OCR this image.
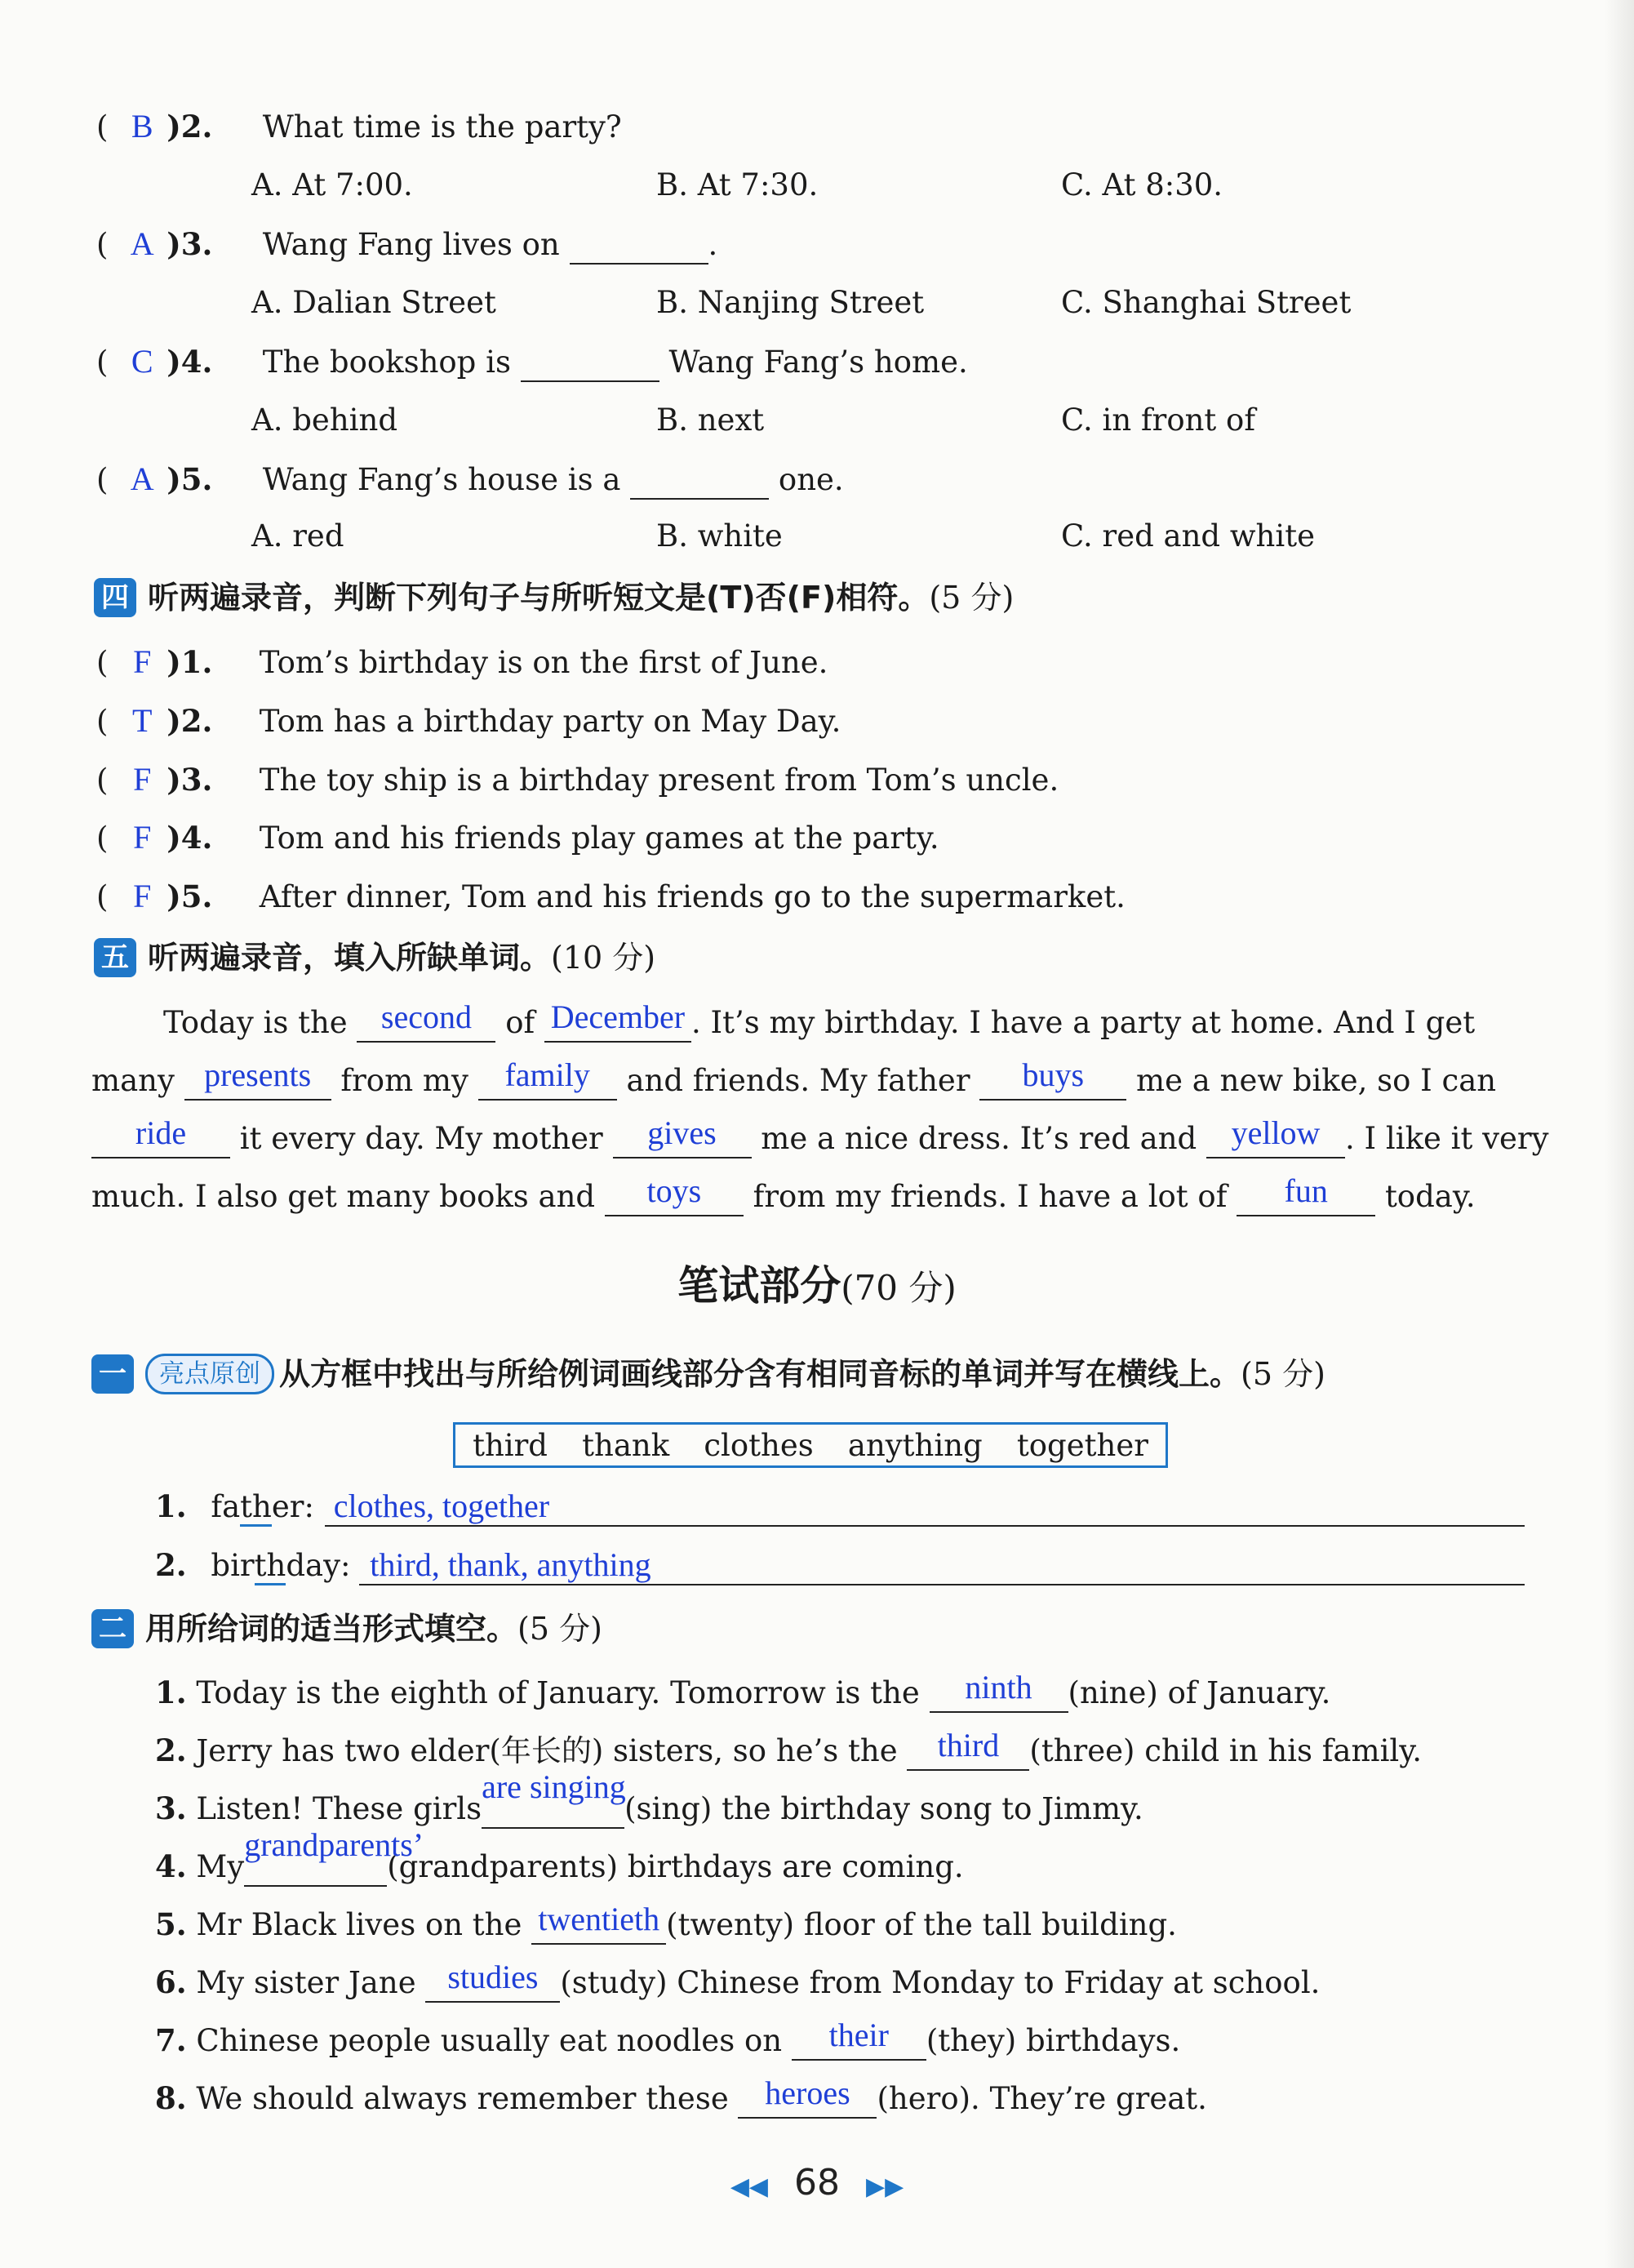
( B )2. What time is the party?
A. At 7:00.	B. At 7:30.	C. At 8:30.
( A )3. Wang Fang lives on	.
A. Dalian Street	B. Nanjing Street	C. Shanghai Street
( C )4. The bookshop is	Wang Fang’s home.
A. behind	B. next	C. in front of
( A )5. Wang Fang’s house is a	one.
A. red	B. white	C. red and white
四 听两遍录音，判断下列句子与所听短文是(T)否(F)相符。 (5 分)
( F )1. Tom’s birthday is on the first of June.
( T )2. Tom has a birthday party on May Day.
( F )3. The toy ship is a birthday present from Tom’s uncle.
( F )4. Tom and his friends play games at the party.
( F )5. After dinner, Tom and his friends go to the supermarket.
五 听两遍录音，填入所缺单词。 (10 分)
Today is the second of December . It’s my birthday. I have a party at home. And I get
many presents from my family and friends. My father buys me a new bike, so I can
ride it every day. My mother gives me a nice dress. It’s red and yellow . I like it very
much. I also get many books and toys from my friends. I have a lot of fun today.
笔试部分(70 分)
一	亮点原创 从方框中找出与所给例词画线部分含有相同音标的单词并写在横线上。 (5 分)
third thank clothes anything together
1. father: clothes, together
2. birthday: third, thank, anything
二 用所给词的适当形式填空。 (5 分)
1. Today is the eighth of January. Tomorrow is the ninth (nine) of January.
2. Jerry has two elder(年长的) sisters, so he’s the third (three) child in his family.
3. Listen! These girlsare singing(sing) the birthday song to Jimmy.
4. Mygrandparents’(grandparents) birthdays are coming.
5. Mr Black lives on the twentieth (twenty) floor of the tall building.
6. My sister Jane studies (study) Chinese from Monday to Friday at school.
7. Chinese people usually eat noodles on their (they) birthdays.
8. We should always remember these heroes (hero). They’re great.
◀◀ 68 ▶▶
